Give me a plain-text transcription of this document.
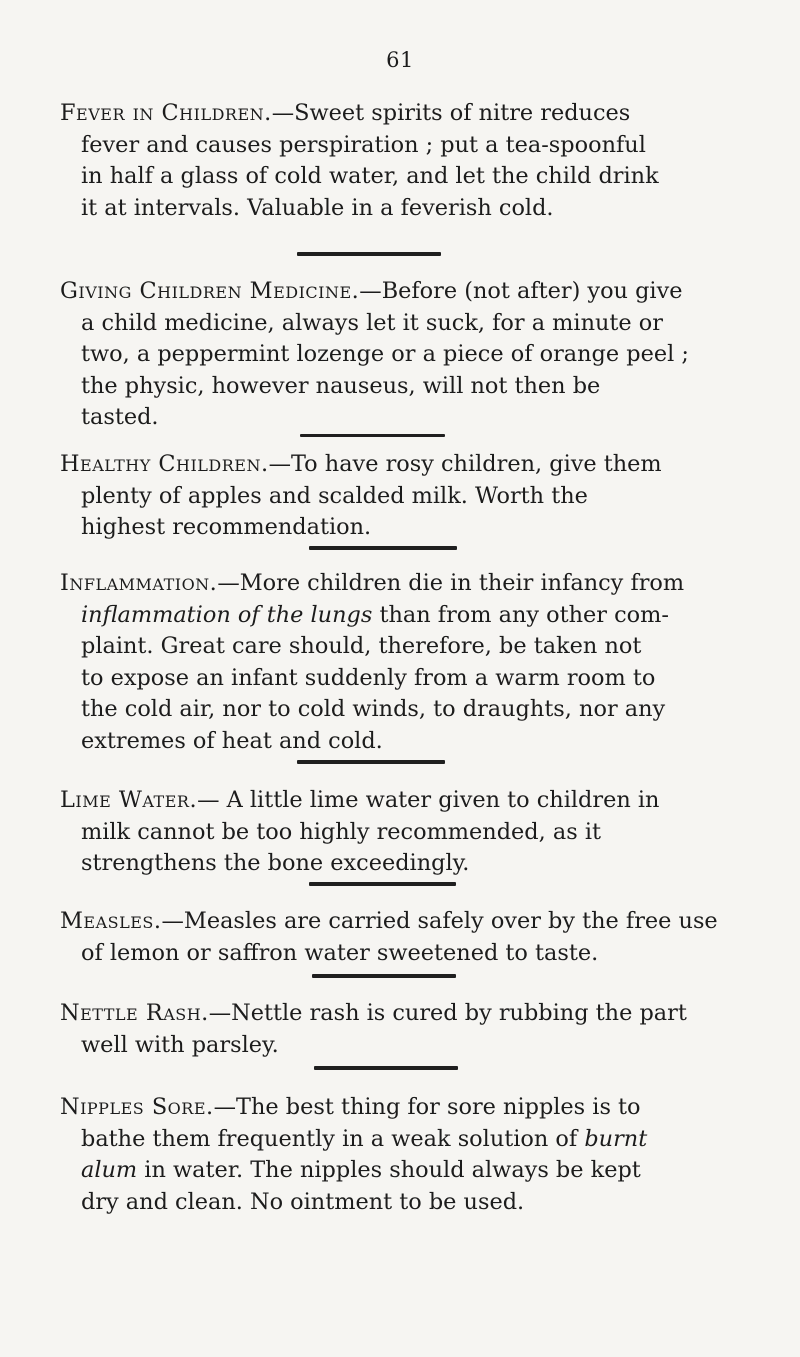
61

Fever in Children.—Sweet spirits of nitre reduces
fever and causes perspiration ; put a tea-spoonful
in half a glass of cold water, and let the child drink
it at intervals. Valuable in a feverish cold.

Giving Children Medicine.—Before (not after) you give
a child medicine, always let it suck, for a minute or
two, a peppermint lozenge or a piece of orange peel ;
the physic, however nauseus, will not then be
tasted.

Healthy Children.—To have rosy children, give them
plenty of apples and scalded milk. Worth the
highest recommendation.

Inflammation.—More children die in their infancy from
inflammation of the lungs than from any other com-
plaint. Great care should, therefore, be taken not
to expose an infant suddenly from a warm room to
the cold air, nor to cold winds, to draughts, nor any
extremes of heat and cold.

Lime Water.— A little lime water given to children in
milk cannot be too highly recommended, as it
strengthens the bone exceedingly.

Measles.—Measles are carried safely over by the free use
of lemon or saffron water sweetened to taste.

Nettle Rash.—Nettle rash is cured by rubbing the part
well with parsley.

Nipples Sore.—The best thing for sore nipples is to
bathe them frequently in a weak solution of burnt
alum in water. The nipples should always be kept
dry and clean. No ointment to be used.
